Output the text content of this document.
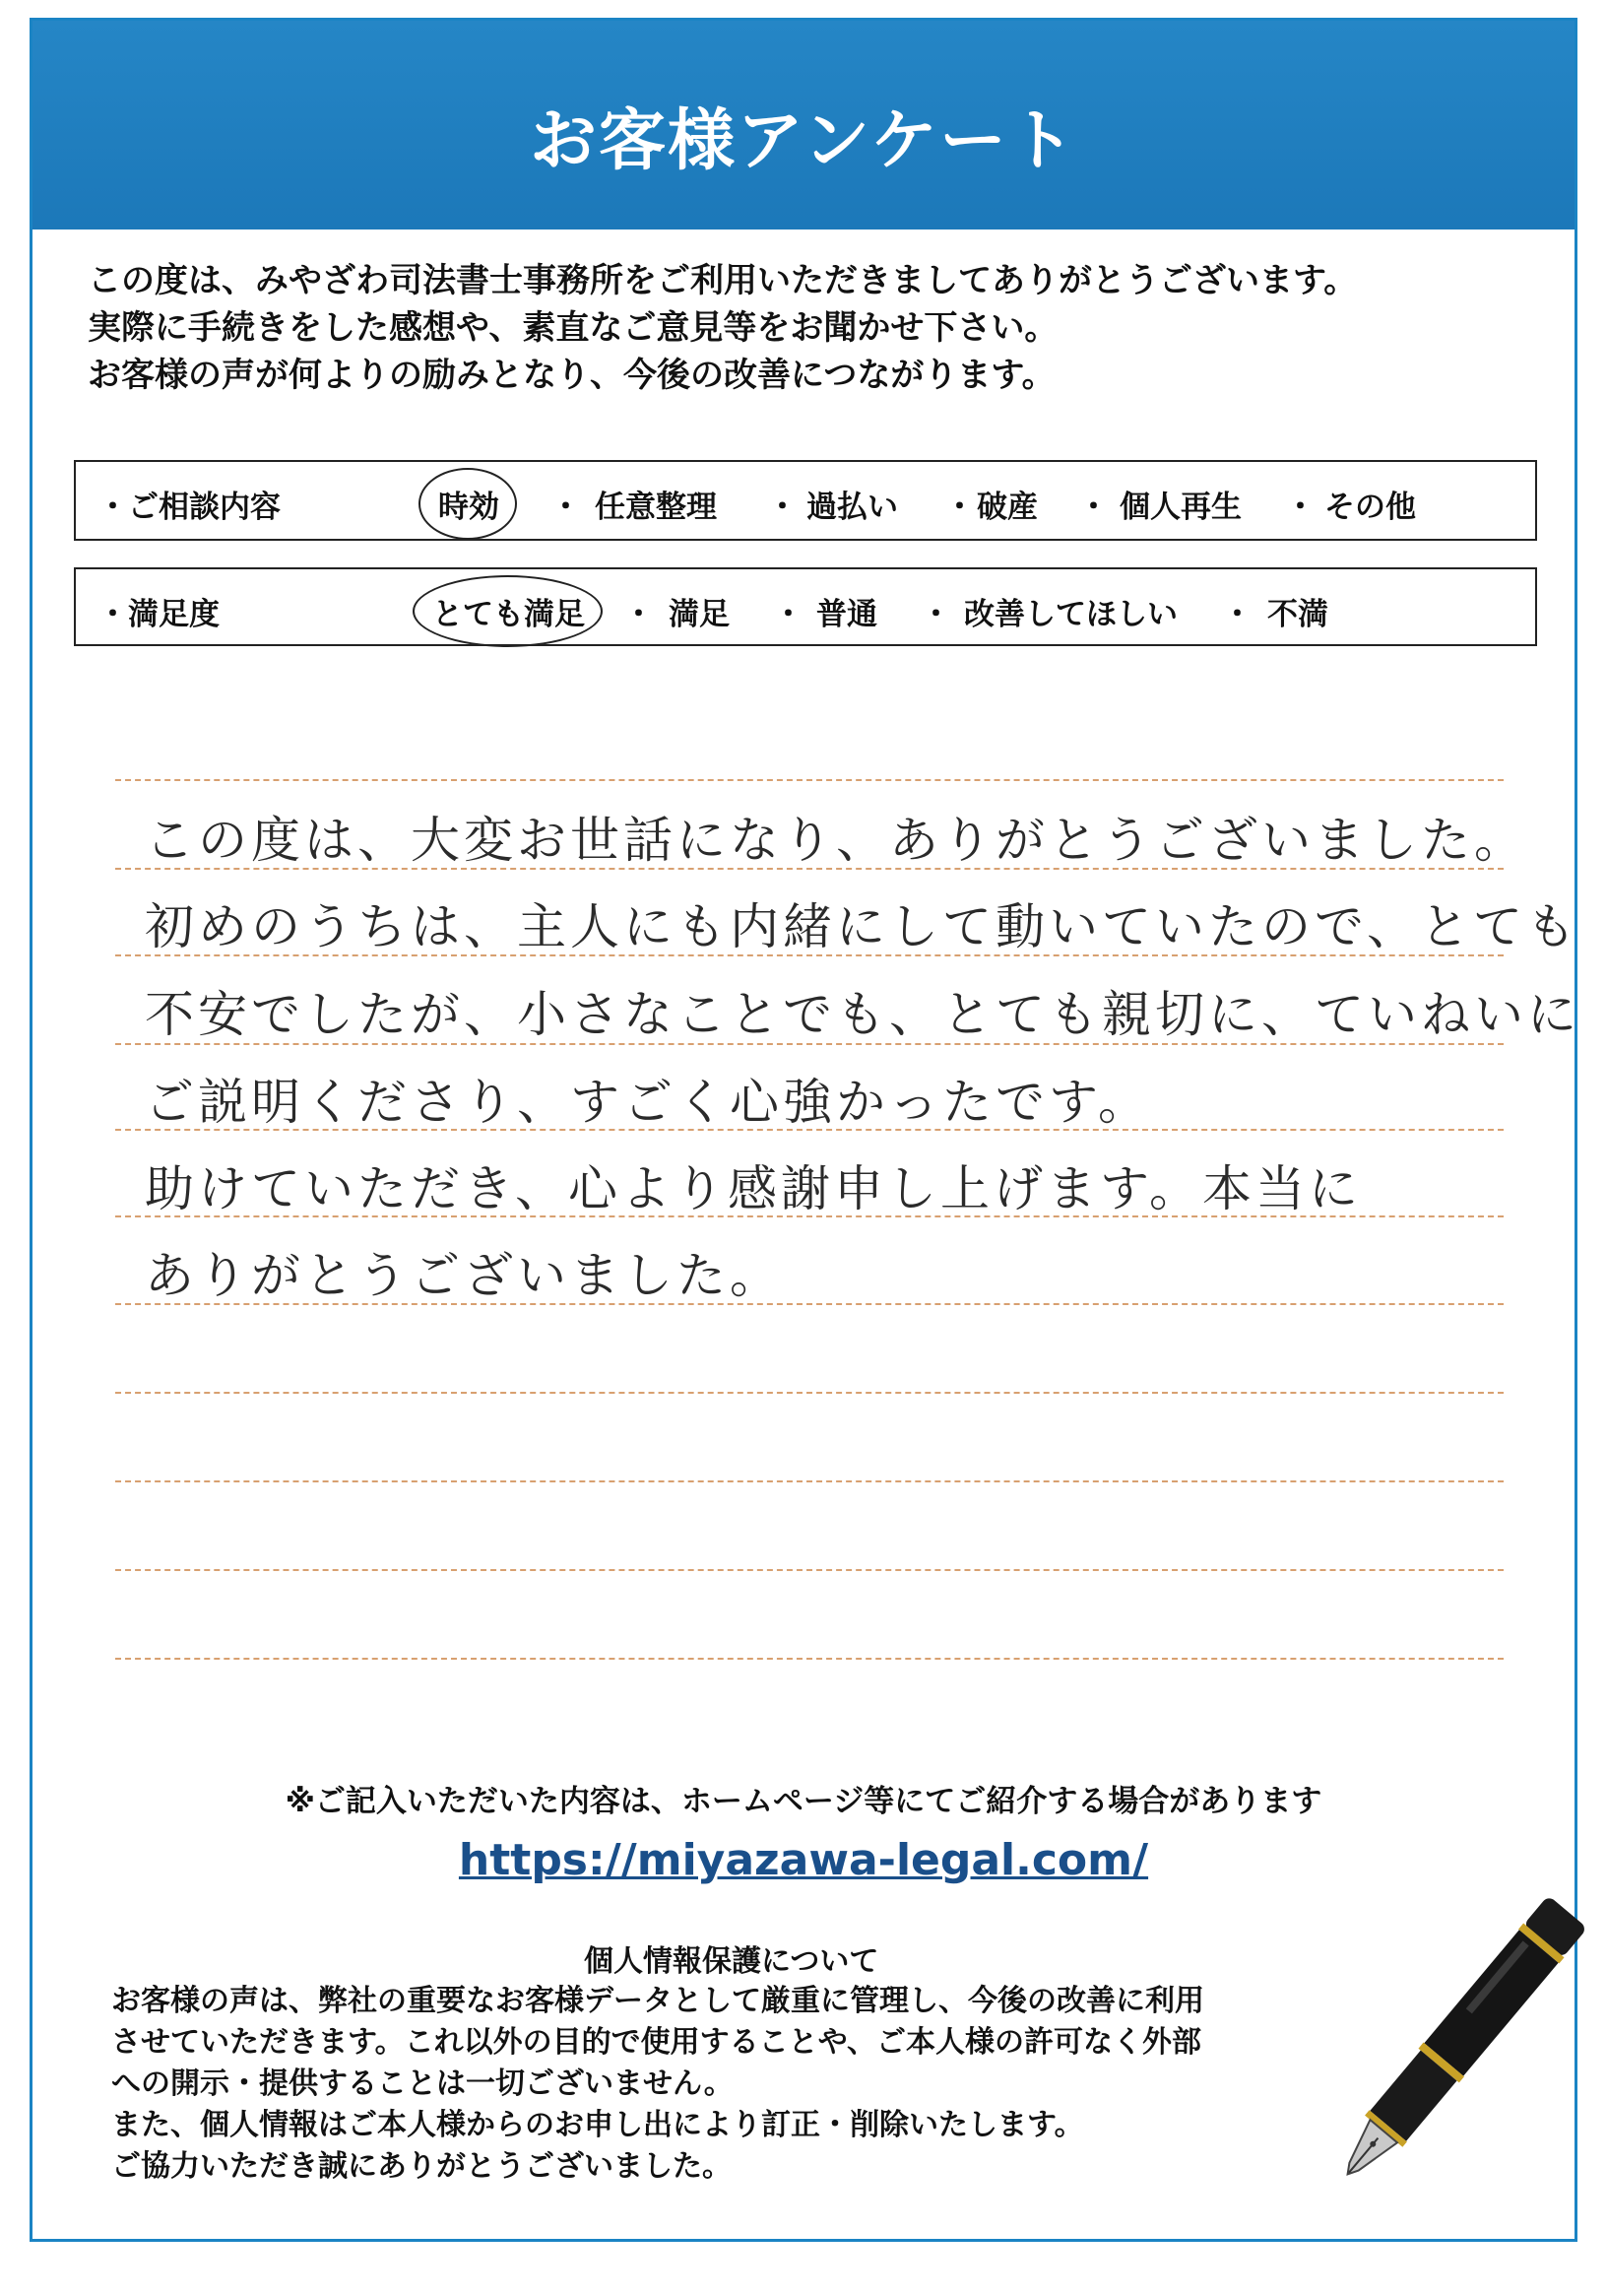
お客様アンケート
この度は、みやざわ司法書士事務所をご利用いただきましてありがとうございます。
実際に手続きをした感想や、素直なご意見等をお聞かせ下さい。
お客様の声が何よりの励みとなり、今後の改善につながります。
・ご相談内容	時効 ・ 任意整理 ・ 過払い ・ 破産 ・ 個人再生 ・ その他
・満足度	とても満足 ・ 満足 ・ 普通 ・ 改善してほしい ・ 不満
この度は、大変お世話になり、ありがとうございました。
初めのうちは、主人にも内緒にして動いていたので、とても
不安でしたが、小さなことでも、とても親切に、ていねいに
ご説明くださり、すごく心強かったです。
助けていただき、心より感謝申し上げます。本当に
ありがとうございました。
※ご記入いただいた内容は、ホームページ等にてご紹介する場合があります
https://miyazawa-legal.com/
個人情報保護について
お客様の声は、弊社の重要なお客様データとして厳重に管理し、今後の改善に利用
させていただきます。これ以外の目的で使用することや、ご本人様の許可なく外部
への開示・提供することは一切ございません。
また、個人情報はご本人様からのお申し出により訂正・削除いたします。
ご協力いただき誠にありがとうございました。
